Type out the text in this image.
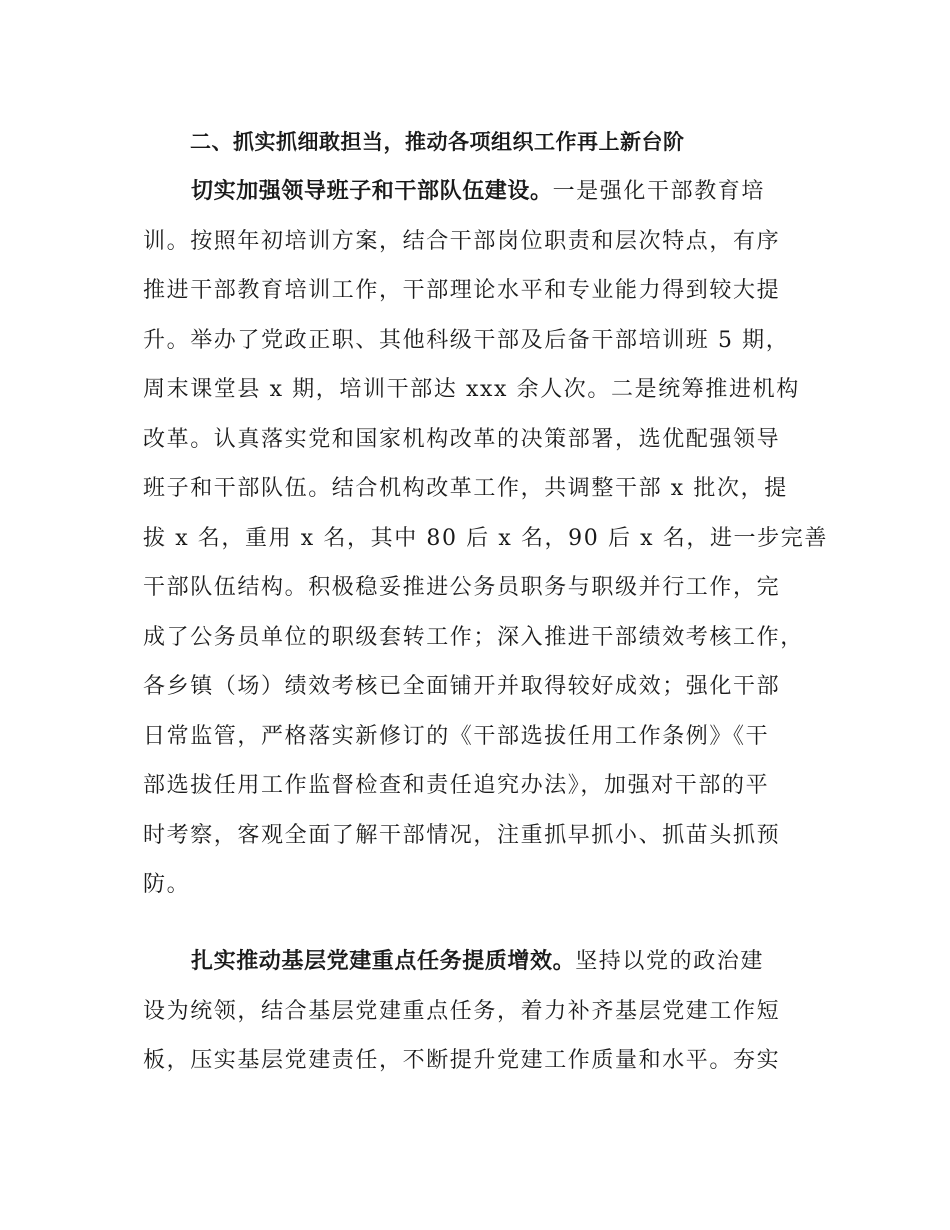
二、抓实抓细敢担当，推动各项组织工作再上新台阶
切实加强领导班子和干部队伍建设。一是强化干部教育培
训。按照年初培训方案，结合干部岗位职责和层次特点，有序
推进干部教育培训工作，干部理论水平和专业能力得到较大提
升。举办了党政正职、其他科级干部及后备干部培训班 5 期，
周末课堂县 x 期，培训干部达 xxx 余人次。二是统筹推进机构
改革。认真落实党和国家机构改革的决策部署，选优配强领导
班子和干部队伍。结合机构改革工作，共调整干部 x 批次，提
拔 x 名，重用 x 名，其中 80 后 x 名，90 后 x 名，进一步完善
干部队伍结构。积极稳妥推进公务员职务与职级并行工作，完
成了公务员单位的职级套转工作；深入推进干部绩效考核工作，
各乡镇（场）绩效考核已全面铺开并取得较好成效；强化干部
日常监管，严格落实新修订的《干部选拔任用工作条例》《干
部选拔任用工作监督检查和责任追究办法》，加强对干部的平
时考察，客观全面了解干部情况，注重抓早抓小、抓苗头抓预
防。
扎实推动基层党建重点任务提质增效。坚持以党的政治建
设为统领，结合基层党建重点任务，着力补齐基层党建工作短
板，压实基层党建责任，不断提升党建工作质量和水平。夯实
